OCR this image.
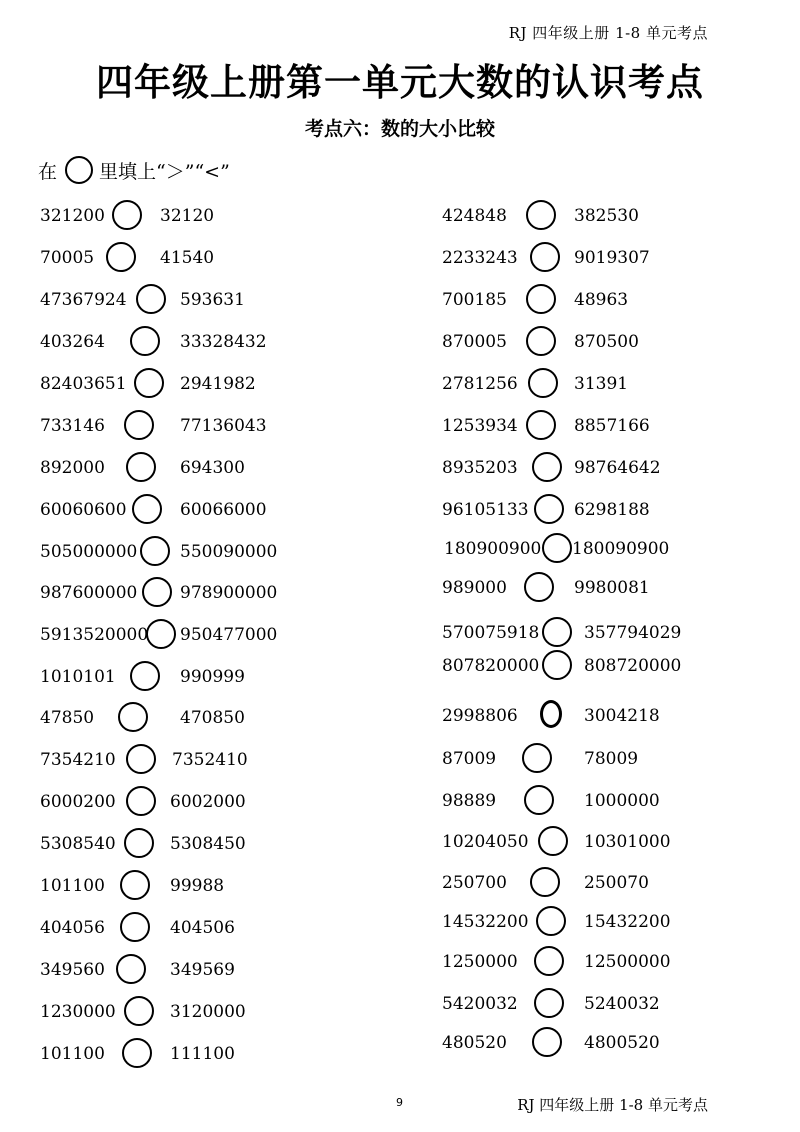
RJ 四年级上册 1-8 单元考点
四年级上册第一单元大数的认识考点
考点六：数的大小比较
在 里填上“＞”“<”
321200	32120
70005	41540
47367924	593631
403264	33328432
82403651	2941982
733146	77136043
892000	694300
60060600	60066000
505000000	550090000
987600000	978900000
5913520000 950477000
1010101	990999
47850	470850
7354210	7352410
6000200	6002000
5308540	5308450
101100	99988
404056	404506
349560	349569
1230000	3120000
101100	111100
424848	382530
2233243	9019307
700185	48963
870005	870500
2781256	31391
1253934	8857166
8935203	98764642
96105133	6298188
180900900 180090900
989000	9980081
570075918	357794029
807820000	808720000
2998806	3004218
87009	78009
98889	1000000
10204050	10301000
250700	250070
14532200	15432200
1250000	12500000
5420032	5240032
480520	4800520
9	RJ 四年级上册 1-8 单元考点
